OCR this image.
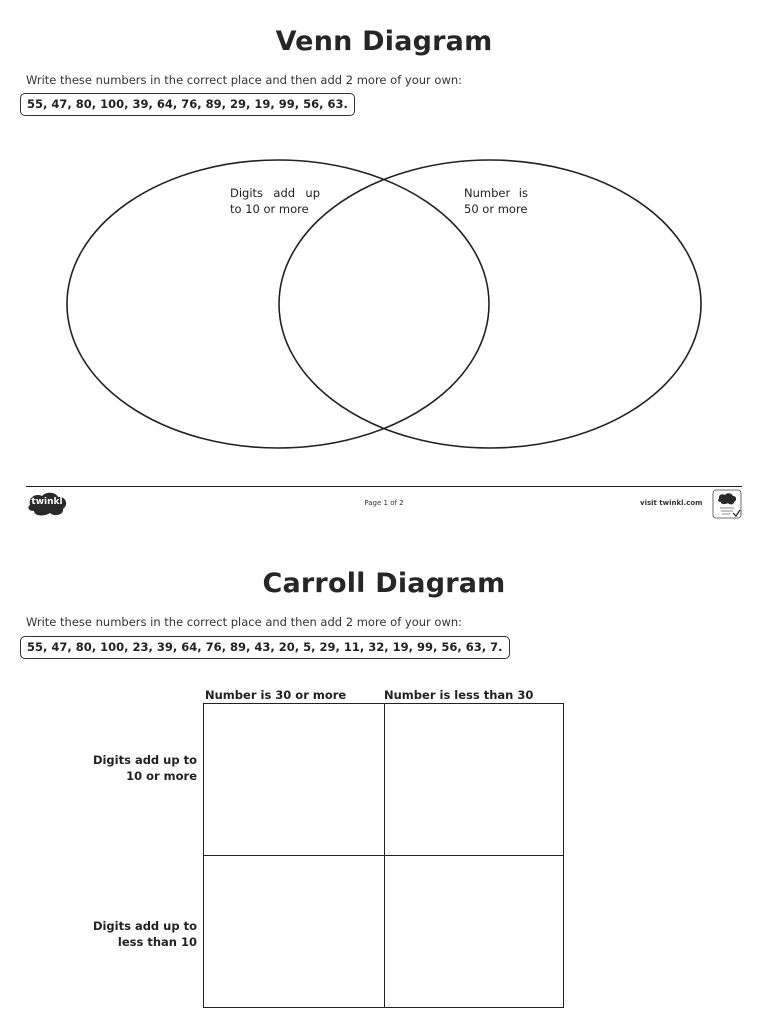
Venn Diagram
Write these numbers in the correct place and then add 2 more of your own:
55, 47, 80, 100, 39, 64, 76, 89, 29, 19, 99, 56, 63.
Digits add up
to 10 or more
Number is
50 or more
twinkl	Page 1 of 2	visit twinkl.com
Carroll Diagram
Write these numbers in the correct place and then add 2 more of your own:
55, 47, 80, 100, 23, 39, 64, 76, 89, 43, 20, 5, 29, 11, 32, 19, 99, 56, 63, 7.
Number is 30 or more	Number is less than 30
Digits add up to
10 or more
Digits add up to
less than 10
